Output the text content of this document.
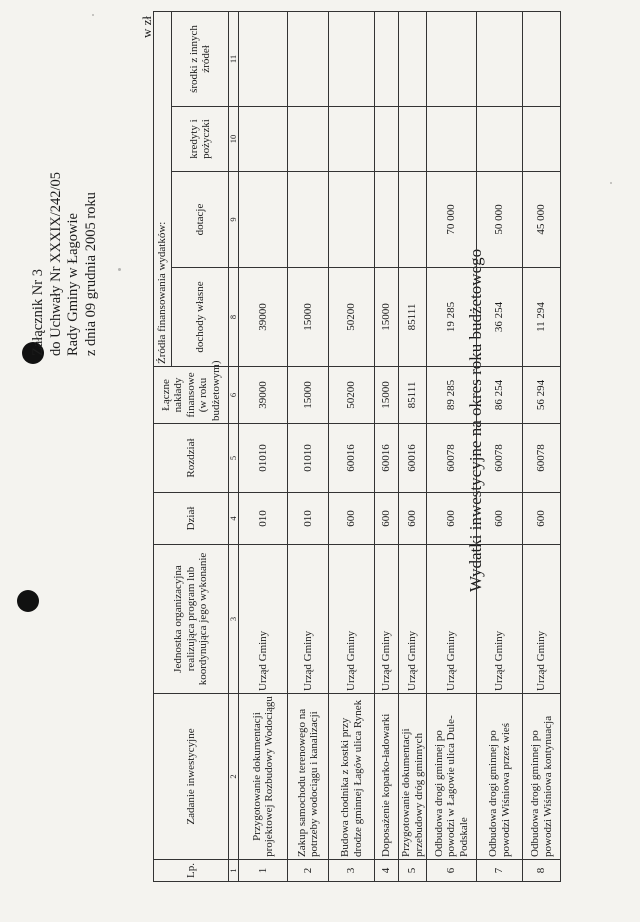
Załącznik Nr 3 do Uchwały Nr XXXIX/242/05 Rady Gminy w Łagowie z dnia 09 grudnia 2005 roku	Wydatki inwestycyjne na okres roku budżetowego
w zł
Lp.	Zadanie inwestycyjne	Jednostka organizacyjna realizująca program lub koordynująca jego wykonanie	Dział	Rozdział	Łączne nakłady finansowe (w roku budżetowym)	Źródła finansowania wydatków:			
						dochody własne	dotacje	kredyty i pożyczki	środki z innych źródeł
1	2	3	4	5	6	8	9	10	11
1	Przygotowanie dokumentacji projektowej Rozbudowy Wodociągu	Urząd Gminy	010	01010	39000	39000			
2	Zakup samochodu terenowego na potrzeby wodociągu i kanalizacji	Urząd Gminy	010	01010	15000	15000			
3	Budowa chodnika z kostki przy drodze gminnej Łagów ulica Rynek	Urząd Gminy	600	60016	50200	50200			
4	Doposażenie koparko-ładowarki	Urząd Gminy	600	60016	15000	15000			
5	Przygotowanie dokumentacji przebudowy dróg gminnych	Urząd Gminy	600	60016	85111	85111			
6	Odbudowa drogi gminnej po powodzi w Łagowie ulica Dule-Podskale	Urząd Gminy	600	60078	89 285	19 285	70 000		
7	Odbudowa drogi gminnej po powodzi Wiśniowa przez wieś	Urząd Gminy	600	60078	86 254	36 254	50 000		
8	Odbudowa drogi gminnej po powodzi Wiśniowa kontynuacja	Urząd Gminy	600	60078	56 294	11 294	45 000		
